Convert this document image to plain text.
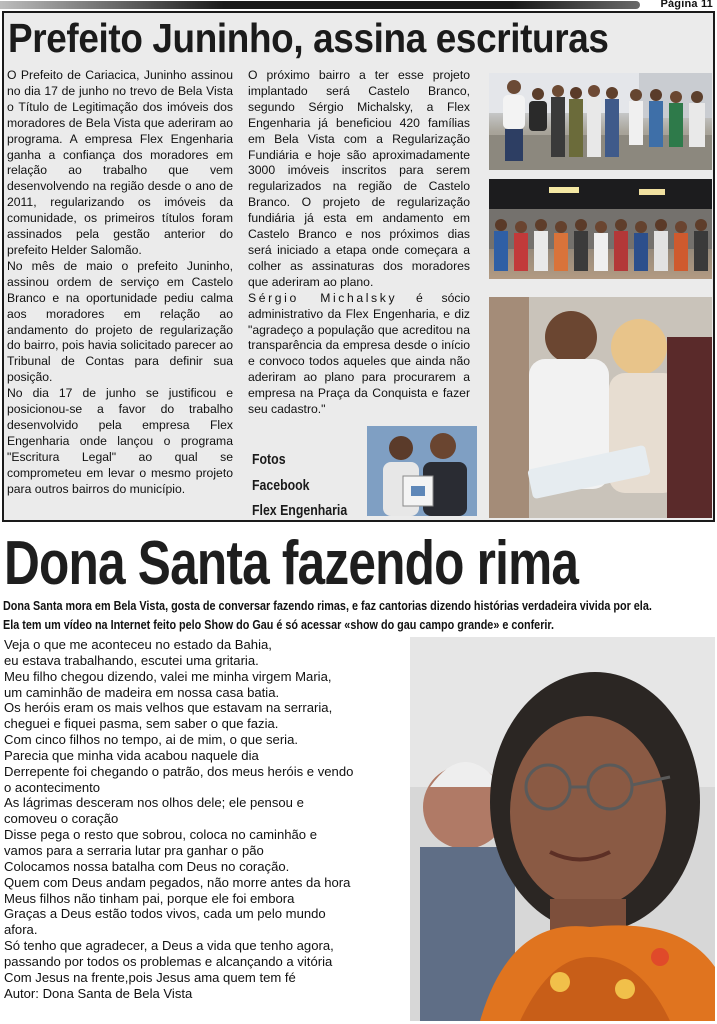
Página 11
Prefeito Juninho, assina escrituras

O Prefeito de Cariacica, Juninho assinou no dia 17 de junho no trevo de Bela Vista o Título de Legitimação dos imóveis dos moradores de Bela Vista que aderiram ao programa. A empresa Flex Engenharia ganha a confiança dos moradores em relação ao trabalho que vem desenvolvendo na região desde o ano de 2011, regularizando os imóveis da comunidade, os primeiros títulos foram assinados pela gestão anterior do prefeito Helder Salomão.

No mês de maio o prefeito Juninho, assinou ordem de serviço em Castelo Branco e na oportunidade pediu calma aos moradores em relação ao andamento do projeto de regularização do bairro, pois havia solicitado parecer ao Tribunal de Contas para definir sua posição.

No dia 17 de junho se justificou e posicionou-se a favor do trabalho desenvolvido pela empresa Flex Engenharia onde lançou o programa "Escritura Legal" ao qual se comprometeu em levar o mesmo projeto para outros bairros do município.

O próximo bairro a ter esse projeto implantado será Castelo Branco, segundo Sérgio Michalsky, a Flex Engenharia já beneficiou 420 famílias em Bela Vista com a Regularização Fundiária e hoje são aproximadamente 3000 imóveis inscritos para serem regularizados na região de Castelo Branco. O projeto de regularização fundiária já esta em andamento em Castelo Branco e nos próximos dias será iniciado a etapa onde começara a colher as assinaturas dos moradores que aderiram ao plano.

Sérgio Michalsky é sócio administrativo da Flex Engenharia, e diz "agradeço a população que acreditou na transparência da empresa desde o início e convoco todos aqueles que ainda não aderiram ao plano para procurarem a empresa na Praça da Conquista e fazer seu cadastro."

Fotos
Facebook
Flex Engenharia
Dona Santa fazendo rima
Dona Santa mora em Bela Vista, gosta de conversar fazendo rimas, e faz cantorias dizendo histórias verdadeira vivida por ela.
Ela tem um vídeo na Internet feito pelo Show do Gau é só acessar «show do gau campo grande» e conferir.
Veja o que me aconteceu no estado da Bahia,
eu estava trabalhando, escutei uma gritaria.
Meu filho chegou dizendo, valei me minha virgem Maria,
um caminhão de madeira em nossa casa batia.
Os heróis eram os mais velhos que estavam na serraria,
cheguei e fiquei pasma, sem saber o que fazia.
Com cinco filhos no tempo, ai de mim, o que seria.
Parecia que minha vida acabou naquele dia
Derrepente foi chegando o patrão, dos meus heróis e vendo
o acontecimento
As lágrimas desceram nos olhos dele; ele pensou e
comoveu o coração
Disse pega o resto que sobrou, coloca no caminhão e
vamos para a serraria lutar pra ganhar o pão
Colocamos nossa batalha com Deus no coração.
Quem com Deus andam pegados, não morre antes da hora
Meus filhos não tinham pai, porque ele foi embora
Graças a Deus estão todos vivos, cada um pelo mundo
afora.
Só tenho que agradecer, a Deus a vida que tenho agora,
passando por todos os problemas e alcançando a vitória
Com Jesus na frente,pois Jesus ama quem tem fé
Autor: Dona Santa de Bela Vista
